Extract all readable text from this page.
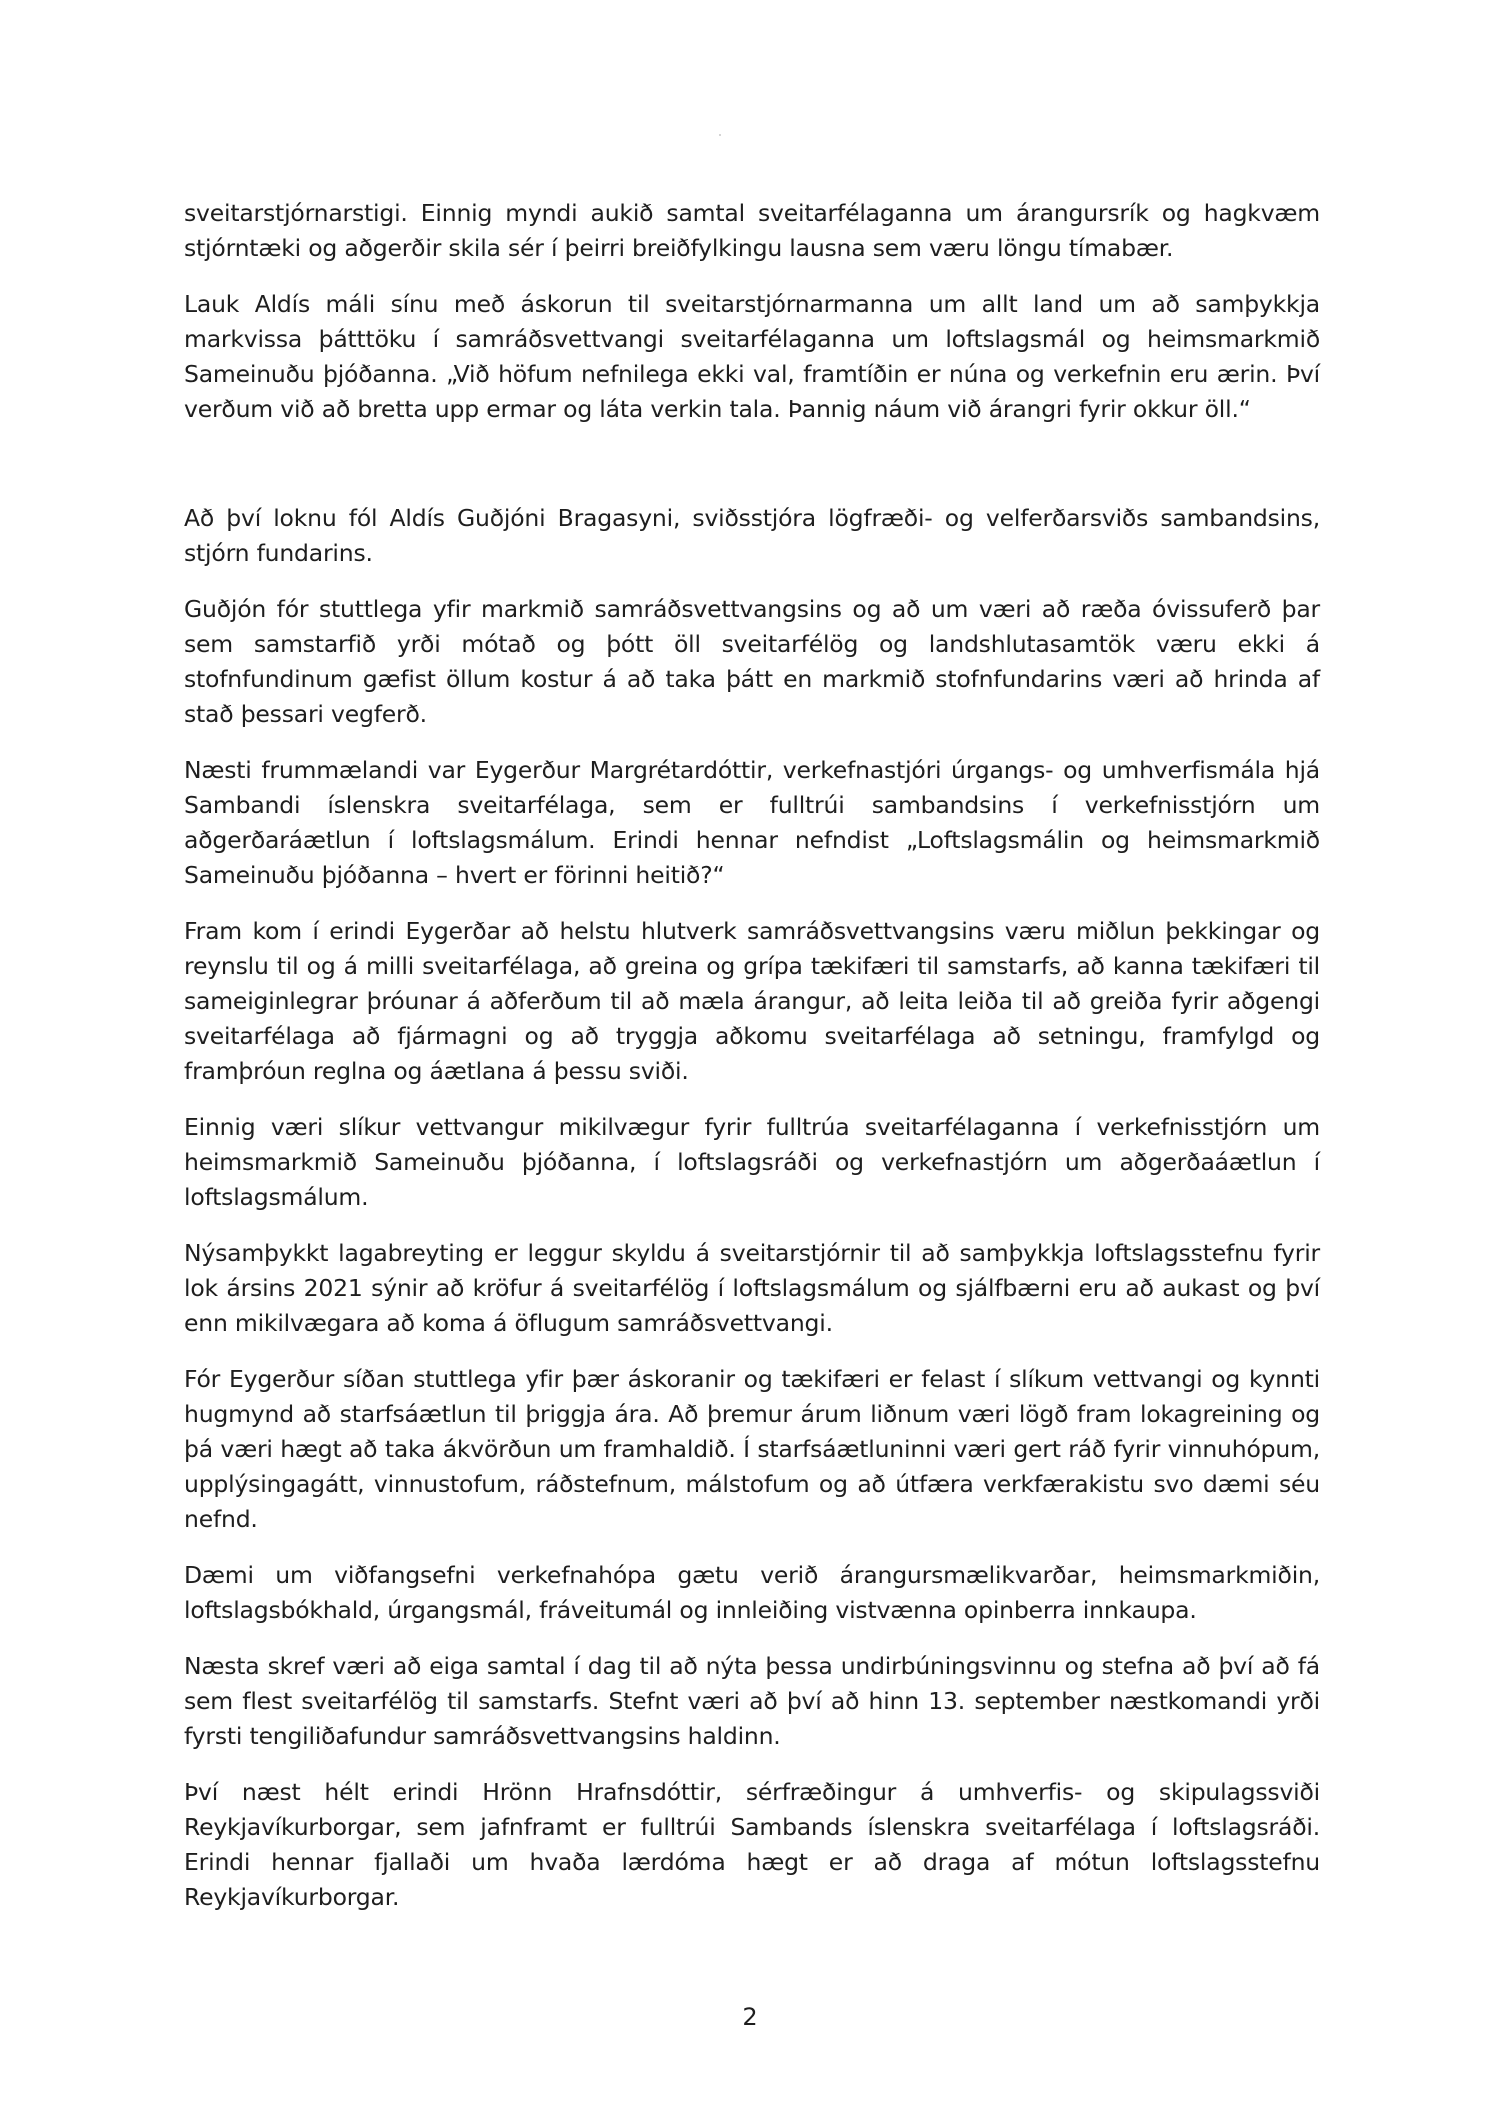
sveitarstjórnarstigi. Einnig myndi aukið samtal sveitarfélaganna um árangursrík og hagkvæm stjórntæki og aðgerðir skila sér í þeirri breiðfylkingu lausna sem væru löngu tímabær.

Lauk Aldís máli sínu með áskorun til sveitarstjórnarmanna um allt land um að samþykkja markvissa þátttöku í samráðsvettvangi sveitarfélaganna um loftslagsmál og heimsmarkmið Sameinuðu þjóðanna. „Við höfum nefnilega ekki val, framtíðin er núna og verkefnin eru ærin. Því verðum við að bretta upp ermar og láta verkin tala. Þannig náum við árangri fyrir okkur öll.“

Að því loknu fól Aldís Guðjóni Bragasyni, sviðsstjóra lögfræði- og velferðarsviðs sambandsins, stjórn fundarins.

Guðjón fór stuttlega yfir markmið samráðsvettvangsins og að um væri að ræða óvissuferð þar sem samstarfið yrði mótað og þótt öll sveitarfélög og landshlutasamtök væru ekki á stofnfundinum gæfist öllum kostur á að taka þátt en markmið stofnfundarins væri að hrinda af stað þessari vegferð.

Næsti frummælandi var Eygerður Margrétardóttir, verkefnastjóri úrgangs- og umhverfismála hjá Sambandi íslenskra sveitarfélaga, sem er fulltrúi sambandsins í verkefnisstjórn um aðgerðaráætlun í loftslagsmálum. Erindi hennar nefndist „Loftslagsmálin og heimsmarkmið Sameinuðu þjóðanna – hvert er förinni heitið?“

Fram kom í erindi Eygerðar að helstu hlutverk samráðsvettvangsins væru miðlun þekkingar og reynslu til og á milli sveitarfélaga, að greina og grípa tækifæri til samstarfs, að kanna tækifæri til sameiginlegrar þróunar á aðferðum til að mæla árangur, að leita leiða til að greiða fyrir aðgengi sveitarfélaga að fjármagni og að tryggja aðkomu sveitarfélaga að setningu, framfylgd og framþróun reglna og áætlana á þessu sviði.

Einnig væri slíkur vettvangur mikilvægur fyrir fulltrúa sveitarfélaganna í verkefnisstjórn um heimsmarkmið Sameinuðu þjóðanna, í loftslagsráði og verkefnastjórn um aðgerðaáætlun í loftslagsmálum.

Nýsamþykkt lagabreyting er leggur skyldu á sveitarstjórnir til að samþykkja loftslagsstefnu fyrir lok ársins 2021 sýnir að kröfur á sveitarfélög í loftslagsmálum og sjálfbærni eru að aukast og því enn mikilvægara að koma á öflugum samráðsvettvangi.

Fór Eygerður síðan stuttlega yfir þær áskoranir og tækifæri er felast í slíkum vettvangi og kynnti hugmynd að starfsáætlun til þriggja ára. Að þremur árum liðnum væri lögð fram lokagreining og þá væri hægt að taka ákvörðun um framhaldið. Í starfsáætluninni væri gert ráð fyrir vinnuhópum, upplýsingagátt, vinnustofum, ráðstefnum, málstofum og að útfæra verkfærakistu svo dæmi séu nefnd.

Dæmi um viðfangsefni verkefnahópa gætu verið árangursmælikvarðar, heimsmarkmiðin, loftslagsbókhald, úrgangsmál, fráveitumál og innleiðing vistvænna opinberra innkaupa.

Næsta skref væri að eiga samtal í dag til að nýta þessa undirbúningsvinnu og stefna að því að fá sem flest sveitarfélög til samstarfs. Stefnt væri að því að hinn 13. september næstkomandi yrði fyrsti tengiliðafundur samráðsvettvangsins haldinn.

Því næst hélt erindi Hrönn Hrafnsdóttir, sérfræðingur á umhverfis- og skipulagssviði Reykjavíkurborgar, sem jafnframt er fulltrúi Sambands íslenskra sveitarfélaga í loftslagsráði. Erindi hennar fjallaði um hvaða lærdóma hægt er að draga af mótun loftslagsstefnu Reykjavíkurborgar.

2
